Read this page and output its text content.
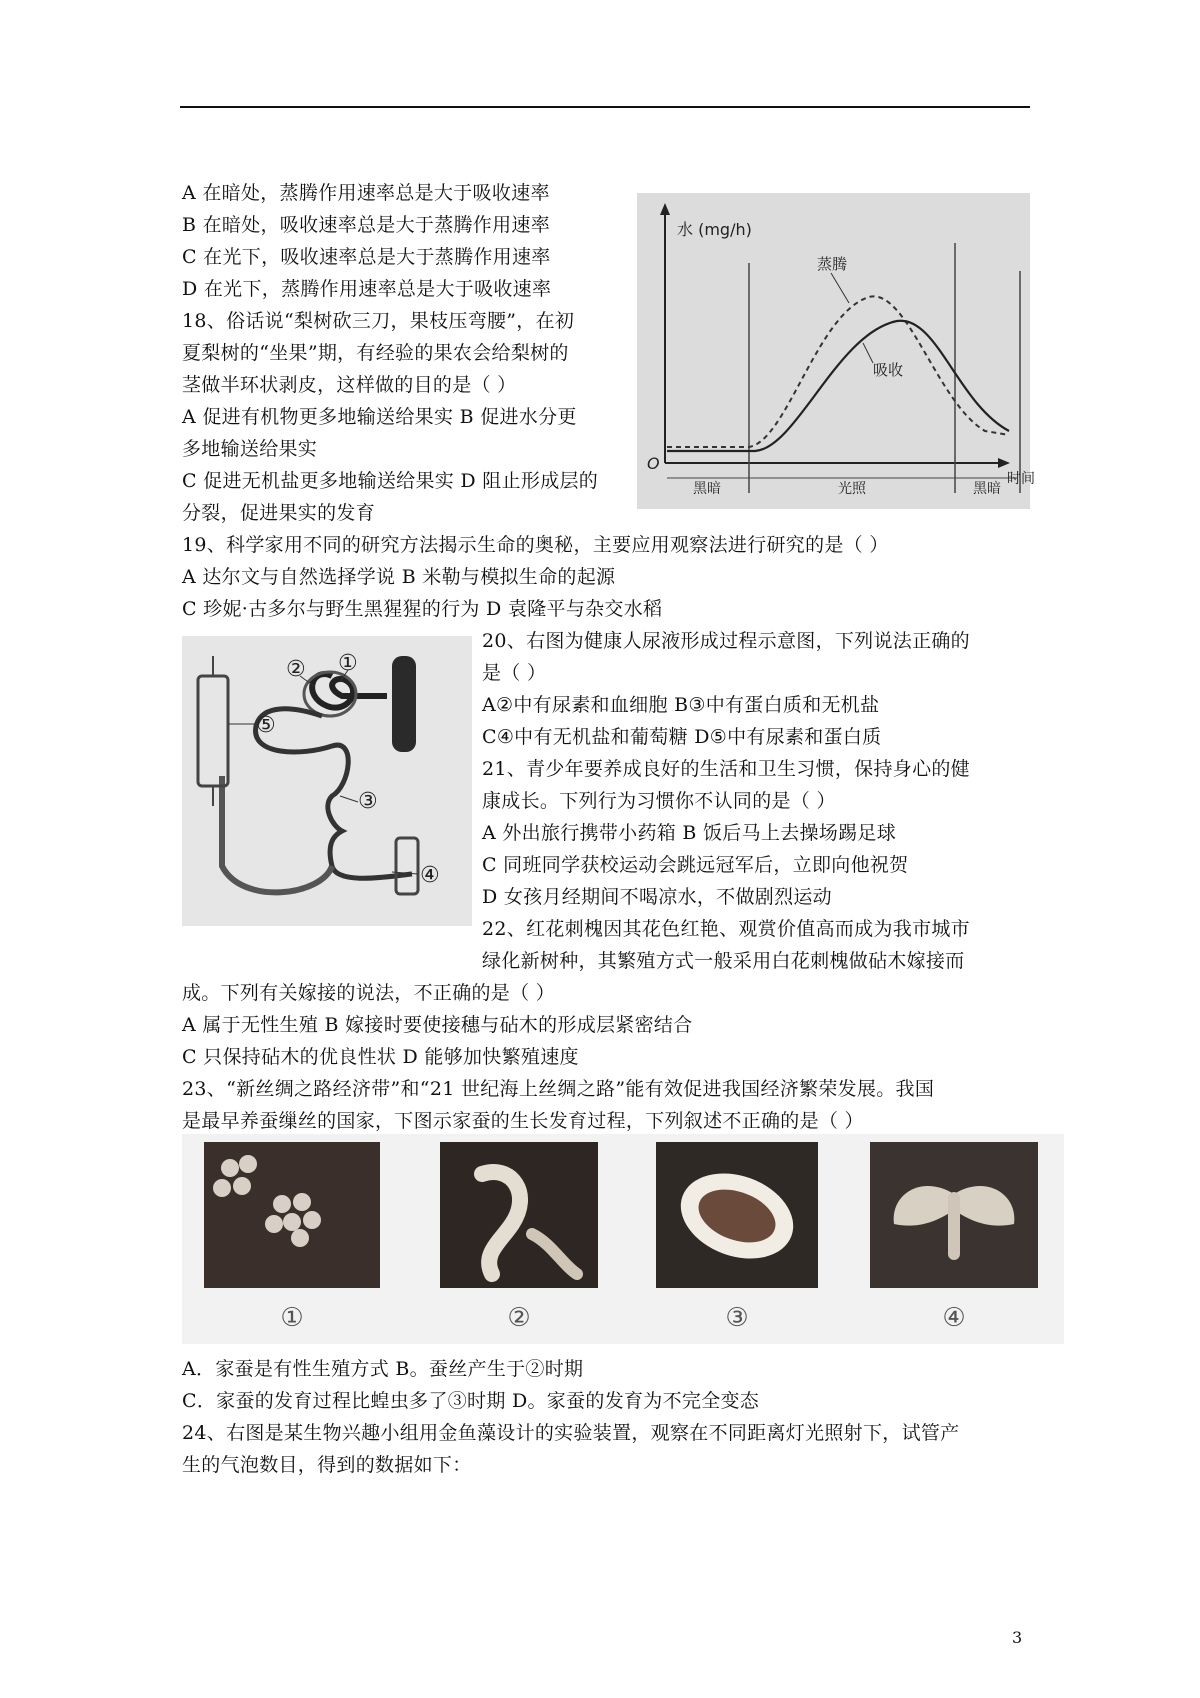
A 在暗处，蒸腾作用速率总是大于吸收速率
B 在暗处，吸收速率总是大于蒸腾作用速率
C 在光下，吸收速率总是大于蒸腾作用速率
D 在光下，蒸腾作用速率总是大于吸收速率
18、俗话说“梨树砍三刀，果枝压弯腰”，在初
夏梨树的“坐果”期，有经验的果农会给梨树的
茎做半环状剥皮，这样做的目的是（ ）
A 促进有机物更多地输送给果实 B 促进水分更
多地输送给果实
C 促进无机盐更多地输送给果实 D 阻止形成层的
分裂，促进果实的发育
水 (mg/h)
O
时间
蒸腾
吸收
黑暗	光照	黑暗
19、科学家用不同的研究方法揭示生命的奥秘，主要应用观察法进行研究的是（ ）
A 达尔文与自然选择学说 B 米勒与模拟生命的起源
C 珍妮·古多尔与野生黑猩猩的行为 D 袁隆平与杂交水稻
② ①
③
④
⑤
20、右图为健康人尿液形成过程示意图，下列说法正确的
是（ ）
A②中有尿素和血细胞 B③中有蛋白质和无机盐
C④中有无机盐和葡萄糖 D⑤中有尿素和蛋白质
21、青少年要养成良好的生活和卫生习惯，保持身心的健
康成长。下列行为习惯你不认同的是（ ）
A 外出旅行携带小药箱 B 饭后马上去操场踢足球
C 同班同学获校运动会跳远冠军后，立即向他祝贺
D 女孩月经期间不喝凉水，不做剧烈运动
22、红花刺槐因其花色红艳、观赏价值高而成为我市城市
绿化新树种，其繁殖方式一般采用白花刺槐做砧木嫁接而
成。下列有关嫁接的说法，不正确的是（ ）
A 属于无性生殖 B 嫁接时要使接穗与砧木的形成层紧密结合
C 只保持砧木的优良性状 D 能够加快繁殖速度
23、“新丝绸之路经济带”和“21 世纪海上丝绸之路”能有效促进我国经济繁荣发展。我国
是最早养蚕缫丝的国家，下图示家蚕的生长发育过程，下列叙述不正确的是（ ）
①	②	③	④
A．家蚕是有性生殖方式 B。蚕丝产生于②时期
C．家蚕的发育过程比蝗虫多了③时期 D。家蚕的发育为不完全变态
24、右图是某生物兴趣小组用金鱼藻设计的实验装置，观察在不同距离灯光照射下，试管产
生的气泡数目，得到的数据如下：
3
